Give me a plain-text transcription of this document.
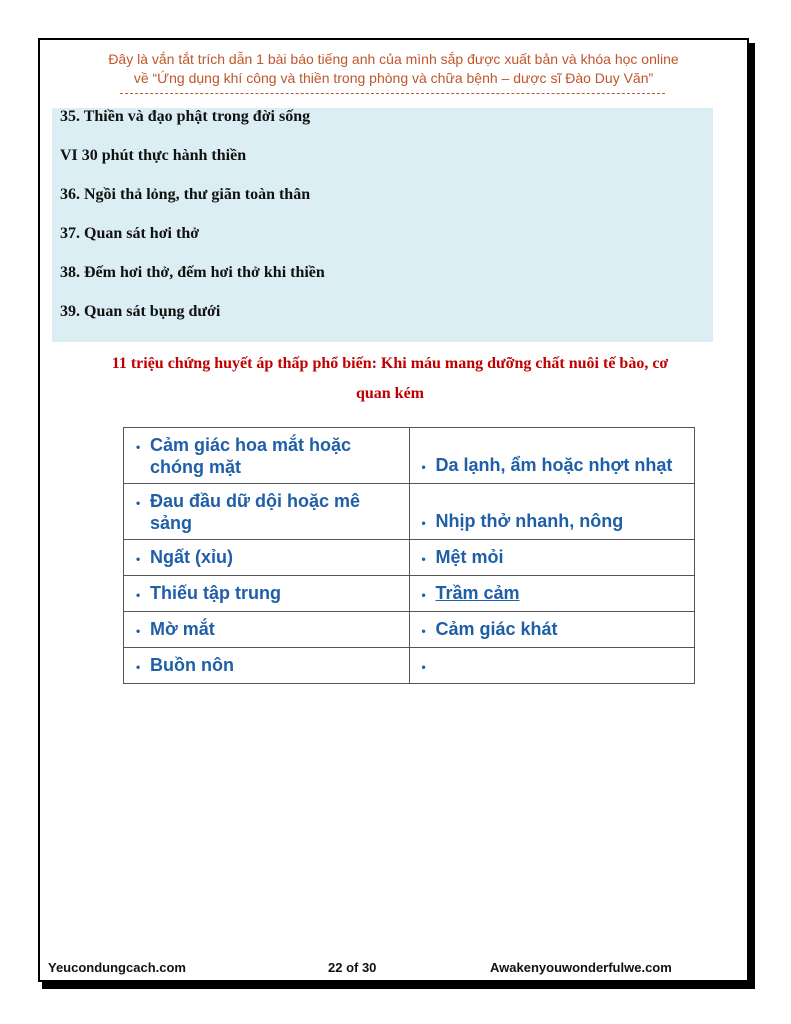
Đây là vắn tắt trích dẫn 1 bài báo tiếng anh của mình sắp được xuất bản và khóa học online
về “Ứng dụng khí công và thiền trong phòng và chữa bệnh – dược sĩ Đào Duy Văn”
35. Thiền và đạo phật trong đời sống
VI 30 phút thực hành thiền
36. Ngồi thả lỏng, thư giãn toàn thân
37. Quan sát hơi thở
38. Đếm hơi thở, đếm hơi thở khi thiền
39. Quan sát bụng dưới
11 triệu chứng huyết áp thấp phổ biến: Khi máu mang dưỡng chất nuôi tế bào, cơ
quan kém
• Cảm giác hoa mắt hoặc chóng mặt	• Da lạnh, ẩm hoặc nhợt nhạt

• Đau đầu dữ dội hoặc mê sảng	• Nhịp thở nhanh, nông

• Ngất (xỉu)	• Mệt mỏi

• Thiếu tập trung	• Trầm cảm

• Mờ mắt	• Cảm giác khát

• Buồn nôn	•
Yeucondungcach.com	22 of 30	Awakenyouwonderfulwe.com
